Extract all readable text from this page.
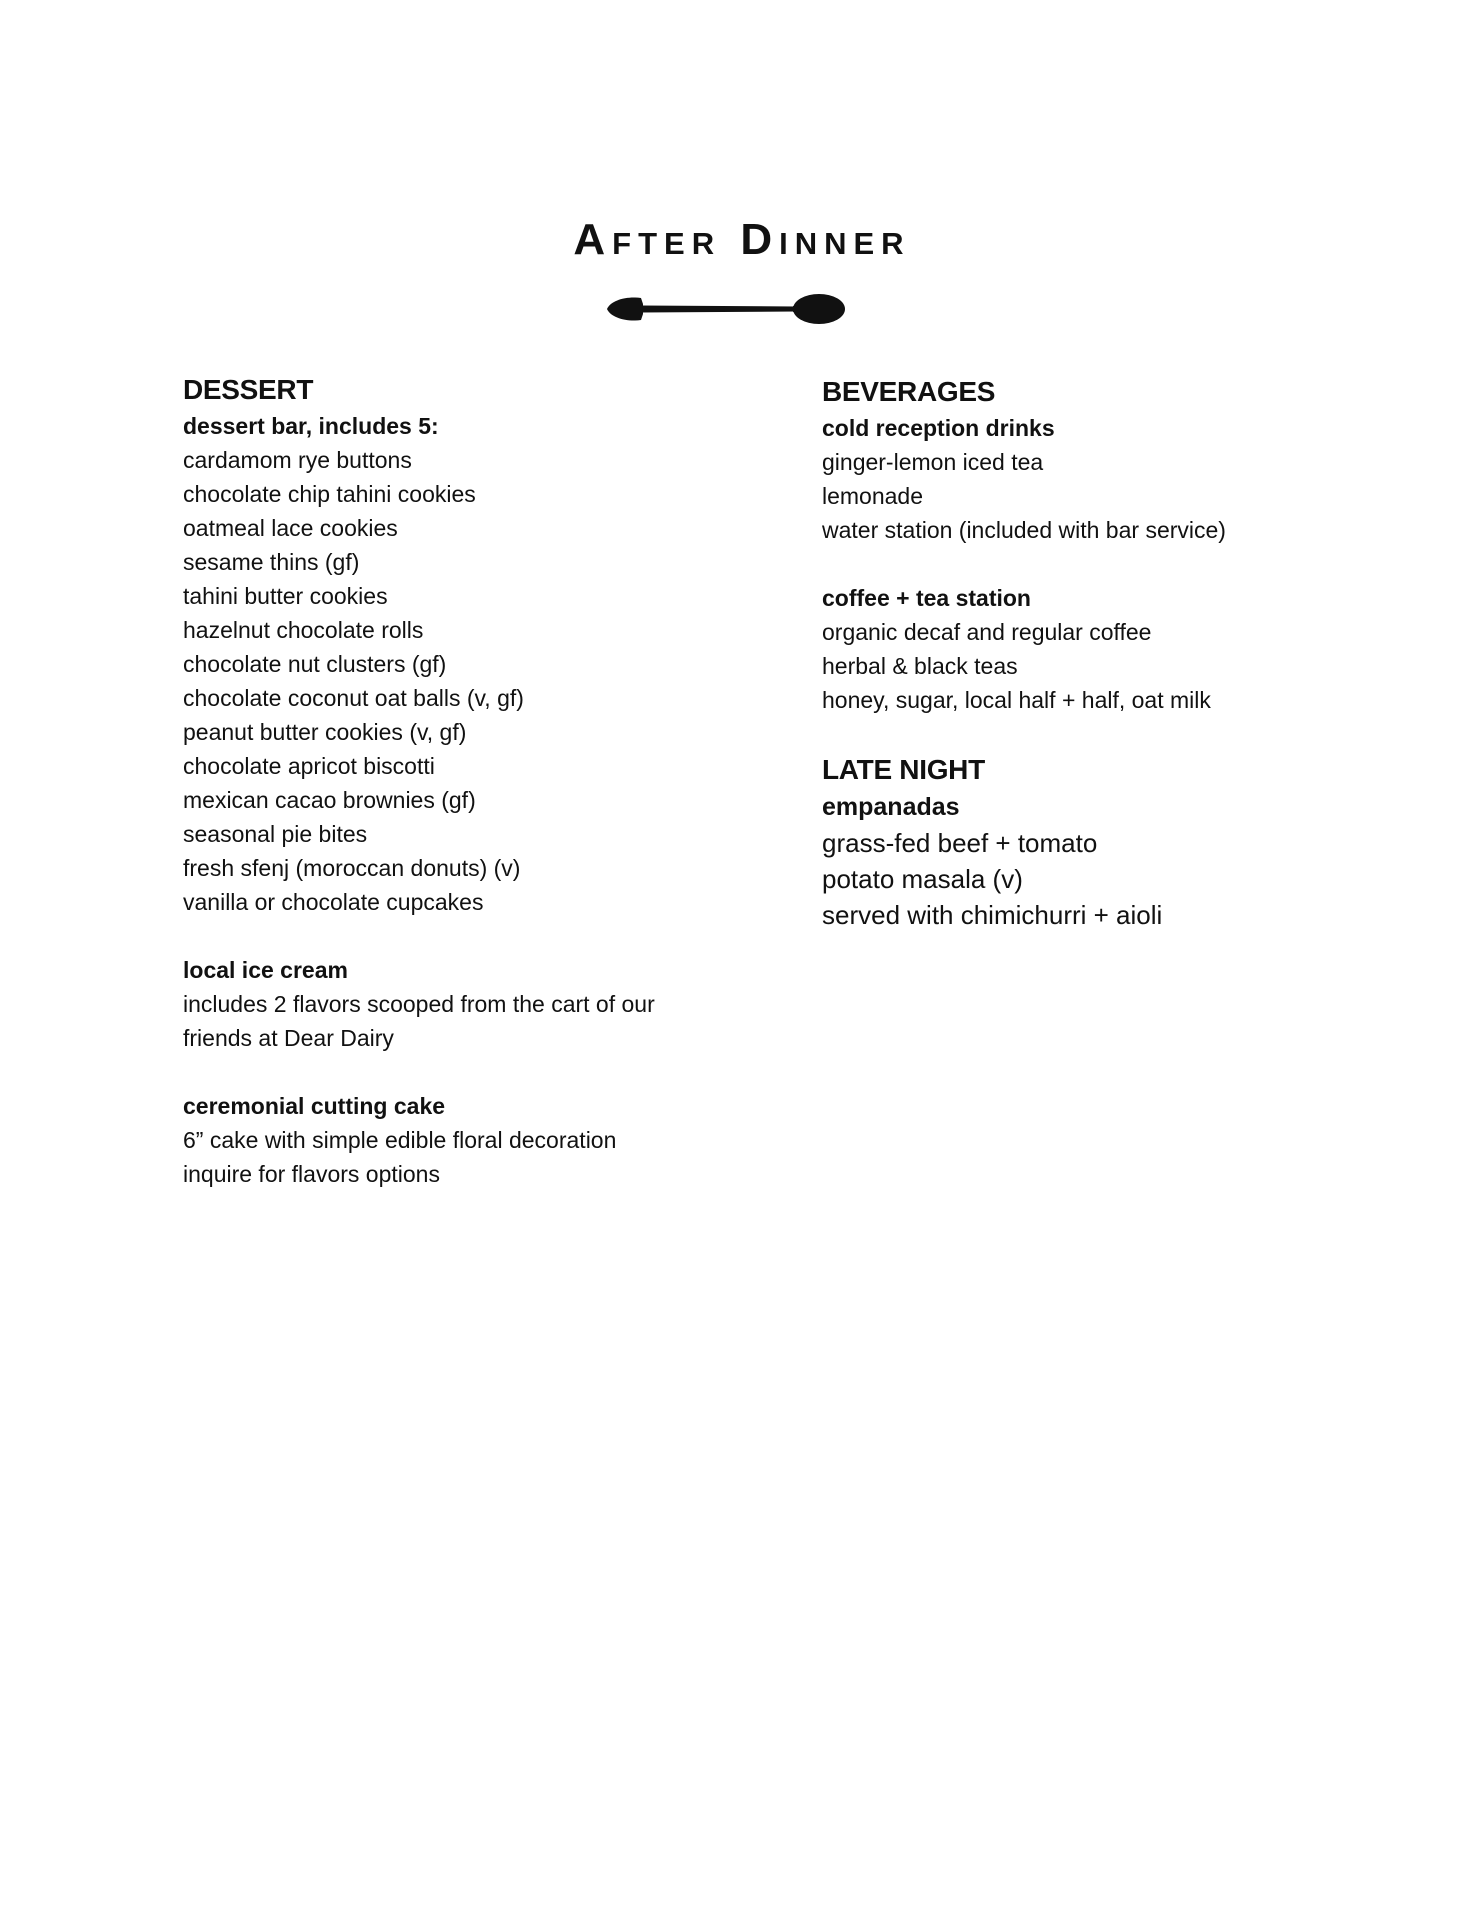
After Dinner
DESSERT

dessert bar, includes 5:

cardamom rye buttons

chocolate chip tahini cookies

oatmeal lace cookies

sesame thins (gf)

tahini butter cookies

hazelnut chocolate rolls

chocolate nut clusters (gf)

chocolate coconut oat balls (v, gf)

peanut butter cookies (v, gf)

chocolate apricot biscotti

mexican cacao brownies (gf)

seasonal pie bites

fresh sfenj (moroccan donuts) (v)

vanilla or chocolate cupcakes

local ice cream

includes 2 flavors scooped from the cart of our

friends at Dear Dairy

ceremonial cutting cake

6” cake with simple edible floral decoration

inquire for flavors options

BEVERAGES

cold reception drinks

ginger-lemon iced tea

lemonade

water station (included with bar service)

coffee + tea station

organic decaf and regular coffee

herbal & black teas

honey, sugar, local half + half, oat milk

LATE NIGHT

empanadas

grass-fed beef + tomato

potato masala (v)

served with chimichurri + aioli
